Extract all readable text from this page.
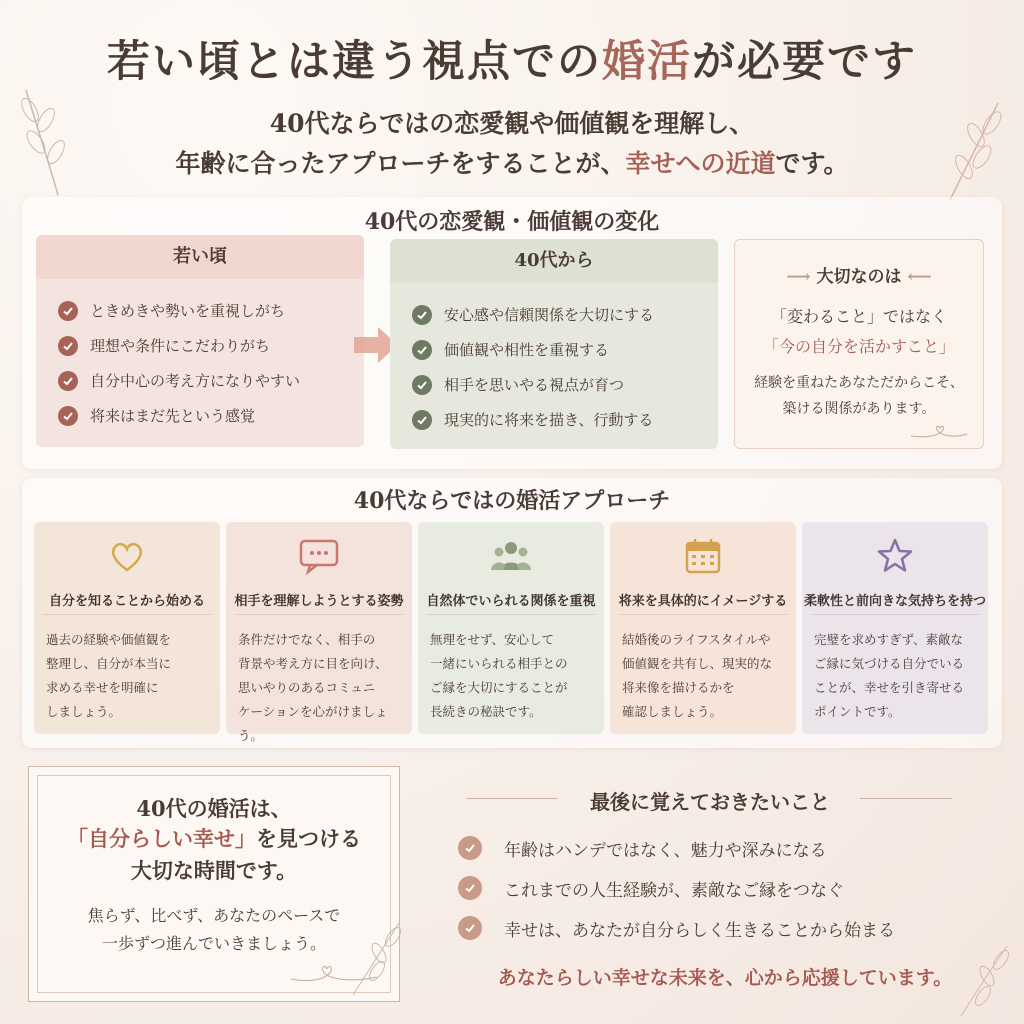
若い頃とは違う視点での婚活が必要です
40代ならではの恋愛観や価値観を理解し、
年齢に合ったアプローチをすることが、幸せへの近道です。
40代の恋愛観・価値観の変化
若い頃
ときめきや勢いを重視しがち
理想や条件にこだわりがち
自分中心の考え方になりやすい
将来はまだ先という感覚
40代から
安心感や信頼関係を大切にする
価値観や相性を重視する
相手を思いやる視点が育つ
現実的に将来を描き、行動する
⟶ 大切なのは ⟵
「変わること」ではなく
「今の自分を活かすこと」
経験を重ねたあなただからこそ、
築ける関係があります。
40代ならではの婚活アプローチ
自分を知ることから始める
過去の経験や価値観を
整理し、自分が本当に
求める幸せを明確に
しましょう。
相手を理解しようとする姿勢
条件だけでなく、相手の
背景や考え方に目を向け、
思いやりのあるコミュニ
ケーションを心がけましょう。
自然体でいられる関係を重視
無理をせず、安心して
一緒にいられる相手との
ご縁を大切にすることが
長続きの秘訣です。
将来を具体的にイメージする
結婚後のライフスタイルや
価値観を共有し、現実的な
将来像を描けるかを
確認しましょう。
柔軟性と前向きな気持ちを持つ
完璧を求めすぎず、素敵な
ご縁に気づける自分でいる
ことが、幸せを引き寄せる
ポイントです。
40代の婚活は、
「自分らしい幸せ」を見つける
大切な時間です。
焦らず、比べず、あなたのペースで
一歩ずつ進んでいきましょう。
最後に覚えておきたいこと
年齢はハンデではなく、魅力や深みになる
これまでの人生経験が、素敵なご縁をつなぐ
幸せは、あなたが自分らしく生きることから始まる
あなたらしい幸せな未来を、心から応援しています。
